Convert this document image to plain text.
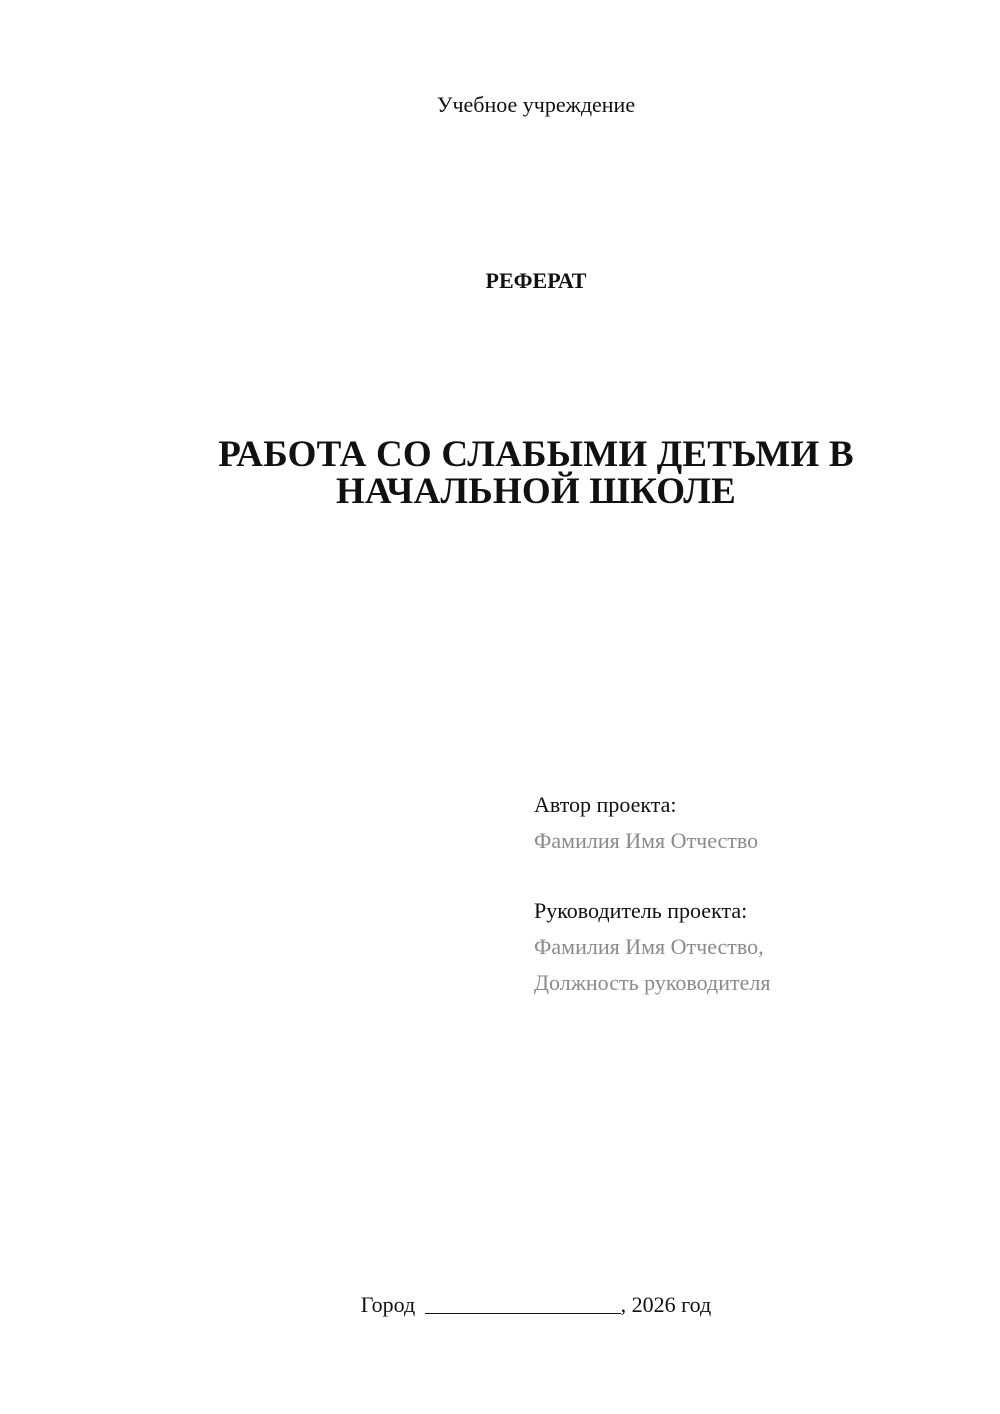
Учебное учреждение
РЕФЕРАТ
РАБОТА СО СЛАБЫМИ ДЕТЬМИ В
НАЧАЛЬНОЙ ШКОЛЕ
Автор проекта:
Фамилия Имя Отчество
Руководитель проекта:
Фамилия Имя Отчество,
Должность руководителя
Город	, 2026 год
